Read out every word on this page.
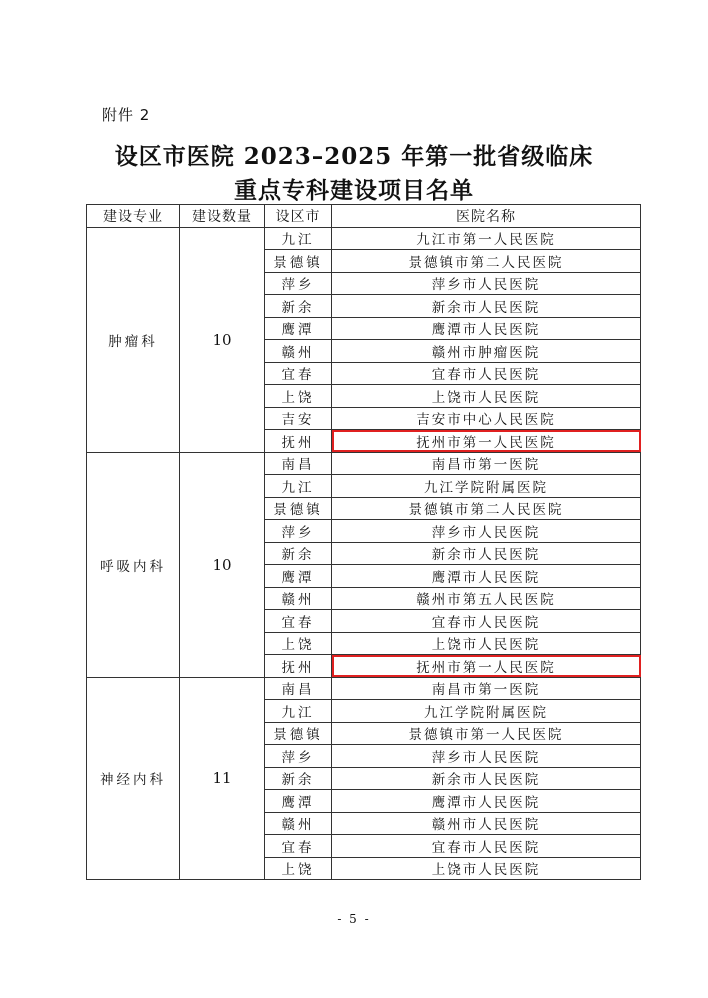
附件 2
设区市医院 2023–2025 年第一批省级临床
重点专科建设项目名单
建设专业	建设数量	设区市	医院名称
肿瘤科	10	九江	九江市第一人民医院
		景德镇	景德镇市第二人民医院
		萍乡	萍乡市人民医院
		新余	新余市人民医院
		鹰潭	鹰潭市人民医院
		赣州	赣州市肿瘤医院
		宜春	宜春市人民医院
		上饶	上饶市人民医院
		吉安	吉安市中心人民医院
		抚州	抚州市第一人民医院
呼吸内科	10	南昌	南昌市第一医院
		九江	九江学院附属医院
		景德镇	景德镇市第二人民医院
		萍乡	萍乡市人民医院
		新余	新余市人民医院
		鹰潭	鹰潭市人民医院
		赣州	赣州市第五人民医院
		宜春	宜春市人民医院
		上饶	上饶市人民医院
		抚州	抚州市第一人民医院
神经内科	11	南昌	南昌市第一医院
		九江	九江学院附属医院
		景德镇	景德镇市第一人民医院
		萍乡	萍乡市人民医院
		新余	新余市人民医院
		鹰潭	鹰潭市人民医院
		赣州	赣州市人民医院
		宜春	宜春市人民医院
		上饶	上饶市人民医院
- 5 -
